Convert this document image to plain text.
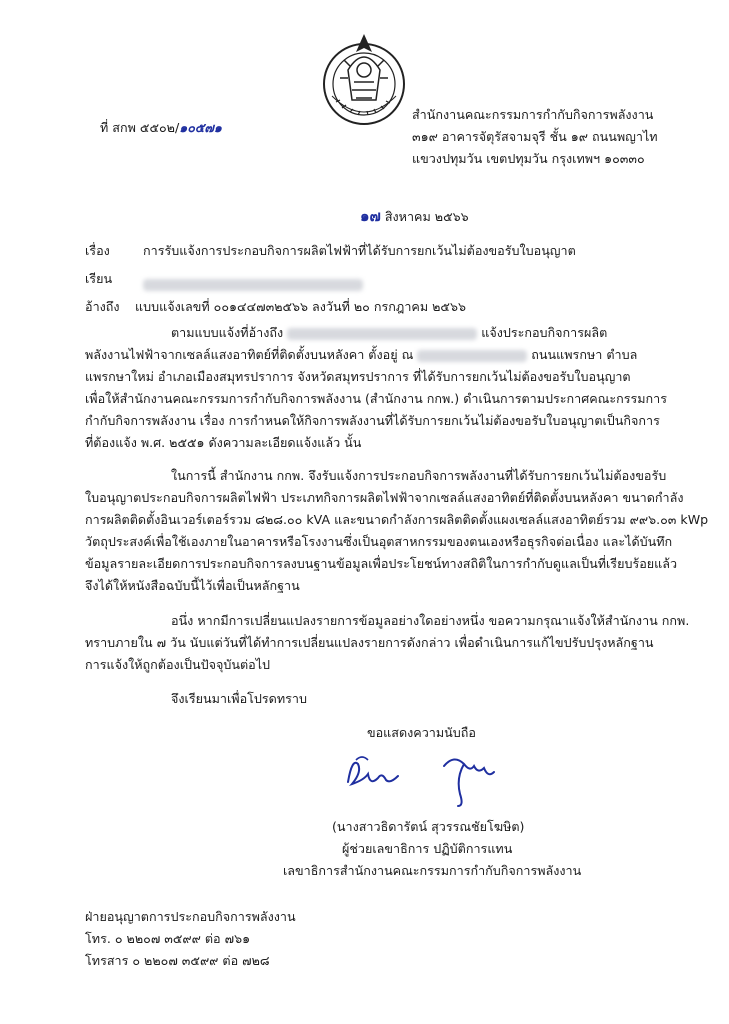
ที่ สกพ ๕๕๐๒/๑๐๕๗๑
สำนักงานคณะกรรมการกำกับกิจการพลังงาน
๓๑๙ อาคารจัตุรัสจามจุรี ชั้น ๑๙ ถนนพญาไท
แขวงปทุมวัน เขตปทุมวัน กรุงเทพฯ ๑๐๓๓๐
๑๗ สิงหาคม ๒๕๖๖
เรื่อง	การรับแจ้งการประกอบกิจการผลิตไฟฟ้าที่ได้รับการยกเว้นไม่ต้องขอรับใบอนุญาต
เรียน
อ้างถึง แบบแจ้งเลขที่ ๐๐๑๔๔๗๓๒๕๖๖ ลงวันที่ ๒๐ กรกฎาคม ๒๕๖๖
ตามแบบแจ้งที่อ้างถึง	แจ้งประกอบกิจการผลิต
พลังงานไฟฟ้าจากเซลล์แสงอาทิตย์ที่ติดตั้งบนหลังคา ตั้งอยู่ ณ	ถนนแพรกษา ตำบล
แพรกษาใหม่ อำเภอเมืองสมุทรปราการ จังหวัดสมุทรปราการ ที่ได้รับการยกเว้นไม่ต้องขอรับใบอนุญาต
เพื่อให้สำนักงานคณะกรรมการกำกับกิจการพลังงาน (สำนักงาน กกพ.) ดำเนินการตามประกาศคณะกรรมการ
กำกับกิจการพลังงาน เรื่อง การกำหนดให้กิจการพลังงานที่ได้รับการยกเว้นไม่ต้องขอรับใบอนุญาตเป็นกิจการ
ที่ต้องแจ้ง พ.ศ. ๒๕๕๑ ดังความละเอียดแจ้งแล้ว นั้น
ในการนี้ สำนักงาน กกพ. จึงรับแจ้งการประกอบกิจการพลังงานที่ได้รับการยกเว้นไม่ต้องขอรับ
ใบอนุญาตประกอบกิจการผลิตไฟฟ้า ประเภทกิจการผลิตไฟฟ้าจากเซลล์แสงอาทิตย์ที่ติดตั้งบนหลังคา ขนาดกำลัง
การผลิตติดตั้งอินเวอร์เตอร์รวม ๘๒๘.๐๐ kVA และขนาดกำลังการผลิตติดตั้งแผงเซลล์แสงอาทิตย์รวม ๙๙๖.๐๓ kWp
วัตถุประสงค์เพื่อใช้เองภายในอาคารหรือโรงงานซึ่งเป็นอุตสาหกรรมของตนเองหรือธุรกิจต่อเนื่อง และได้บันทึก
ข้อมูลรายละเอียดการประกอบกิจการลงบนฐานข้อมูลเพื่อประโยชน์ทางสถิติในการกำกับดูแลเป็นที่เรียบร้อยแล้ว
จึงได้ให้หนังสือฉบับนี้ไว้เพื่อเป็นหลักฐาน
อนึ่ง หากมีการเปลี่ยนแปลงรายการข้อมูลอย่างใดอย่างหนึ่ง ขอความกรุณาแจ้งให้สำนักงาน กกพ.
ทราบภายใน ๗ วัน นับแต่วันที่ได้ทำการเปลี่ยนแปลงรายการดังกล่าว เพื่อดำเนินการแก้ไขปรับปรุงหลักฐาน
การแจ้งให้ถูกต้องเป็นปัจจุบันต่อไป
จึงเรียนมาเพื่อโปรดทราบ
ขอแสดงความนับถือ
(นางสาวธิดารัตน์ สุวรรณชัยโฆษิต)
ผู้ช่วยเลขาธิการ ปฏิบัติการแทน
เลขาธิการสำนักงานคณะกรรมการกำกับกิจการพลังงาน
ฝ่ายอนุญาตการประกอบกิจการพลังงาน
โทร. ๐ ๒๒๐๗ ๓๕๙๙ ต่อ ๗๖๑
โทรสาร ๐ ๒๒๐๗ ๓๕๙๙ ต่อ ๗๒๘
